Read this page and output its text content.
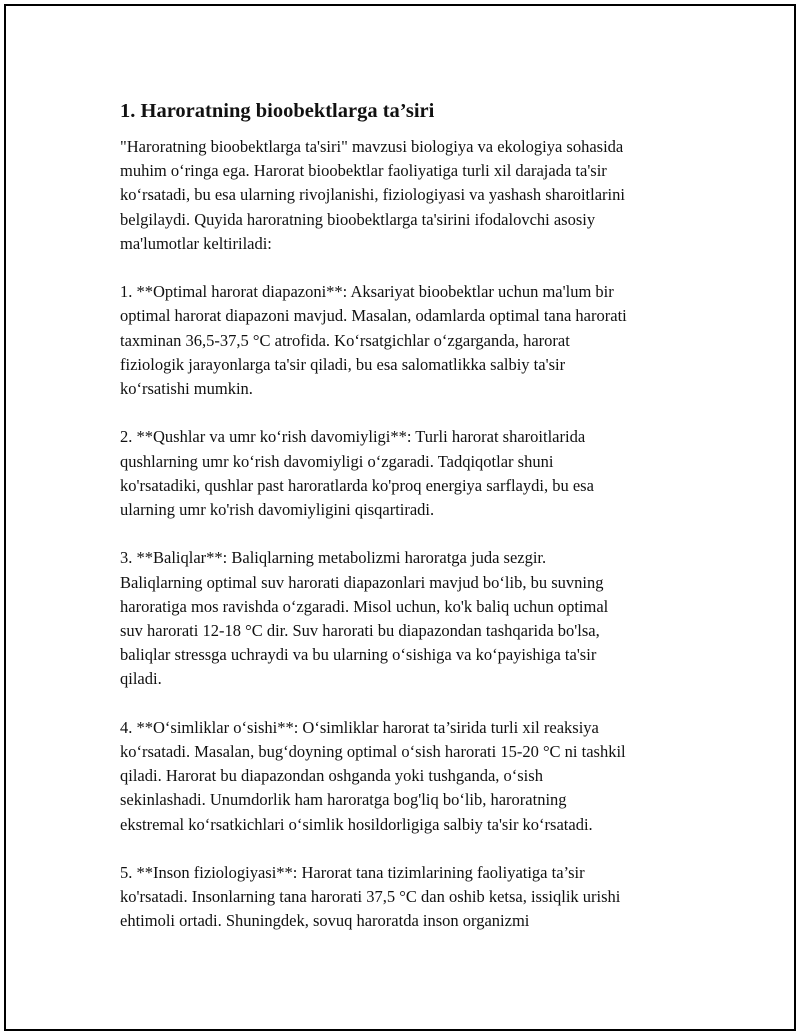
1. Haroratning bioobektlarga ta’siri
"Haroratning bioobektlarga ta'siri" mavzusi biologiya va ekologiya sohasida
muhim o‘ringa ega. Harorat bioobektlar faoliyatiga turli xil darajada ta'sir
ko‘rsatadi, bu esa ularning rivojlanishi, fiziologiyasi va yashash sharoitlarini
belgilaydi. Quyida haroratning bioobektlarga ta'sirini ifodalovchi asosiy
ma'lumotlar keltiriladi:
1. **Optimal harorat diapazoni**: Aksariyat bioobektlar uchun ma'lum bir
optimal harorat diapazoni mavjud. Masalan, odamlarda optimal tana harorati
taxminan 36,5-37,5 °C atrofida. Ko‘rsatgichlar o‘zgarganda, harorat
fiziologik jarayonlarga ta'sir qiladi, bu esa salomatlikka salbiy ta'sir
ko‘rsatishi mumkin.
2. **Qushlar va umr ko‘rish davomiyligi**: Turli harorat sharoitlarida
qushlarning umr ko‘rish davomiyligi o‘zgaradi. Tadqiqotlar shuni
ko'rsatadiki, qushlar past haroratlarda ko'proq energiya sarflaydi, bu esa
ularning umr ko'rish davomiyligini qisqartiradi.
3. **Baliqlar**: Baliqlarning metabolizmi haroratga juda sezgir.
Baliqlarning optimal suv harorati diapazonlari mavjud bo‘lib, bu suvning
haroratiga mos ravishda o‘zgaradi. Misol uchun, ko'k baliq uchun optimal
suv harorati 12-18 °C dir. Suv harorati bu diapazondan tashqarida bo'lsa,
baliqlar stressga uchraydi va bu ularning o‘sishiga va ko‘payishiga ta'sir
qiladi.
4. **O‘simliklar o‘sishi**: O‘simliklar harorat ta’sirida turli xil reaksiya
ko‘rsatadi. Masalan, bug‘doyning optimal o‘sish harorati 15-20 °C ni tashkil
qiladi. Harorat bu diapazondan oshganda yoki tushganda, o‘sish
sekinlashadi. Unumdorlik ham haroratga bog'liq bo‘lib, haroratning
ekstremal ko‘rsatkichlari o‘simlik hosildorligiga salbiy ta'sir ko‘rsatadi.
5. **Inson fiziologiyasi**: Harorat tana tizimlarining faoliyatiga ta’sir
ko'rsatadi. Insonlarning tana harorati 37,5 °C dan oshib ketsa, issiqlik urishi
ehtimoli ortadi. Shuningdek, sovuq haroratda inson organizmi
